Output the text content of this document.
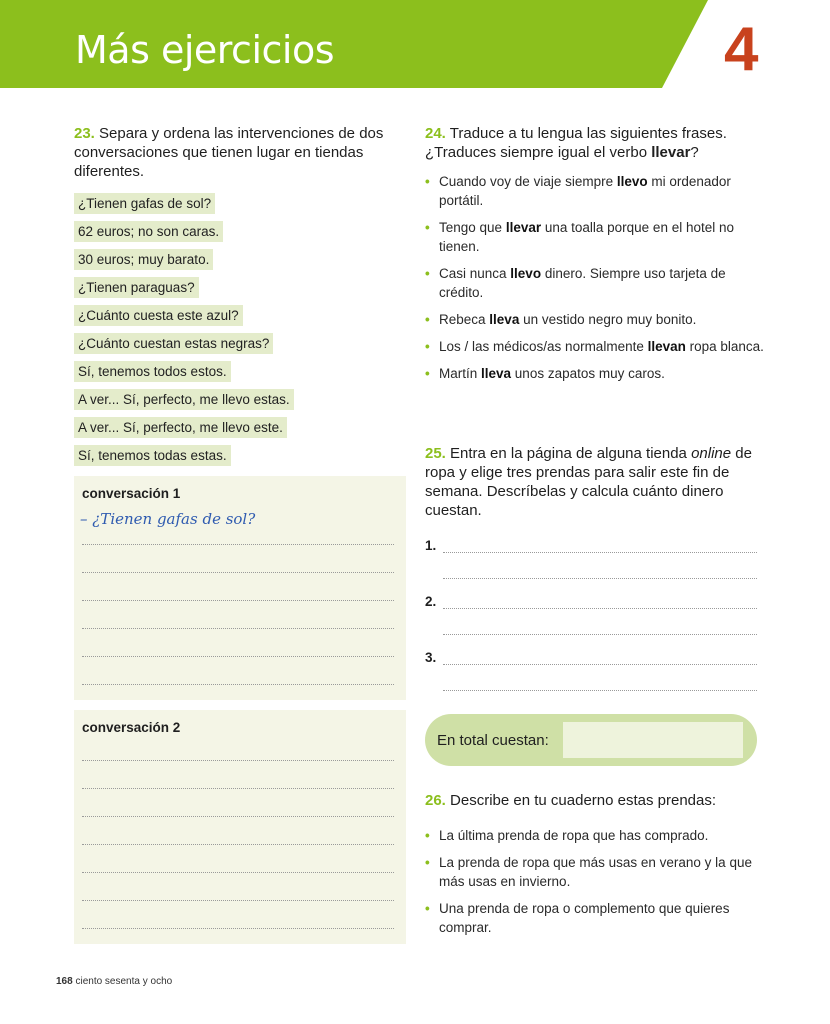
Más ejercicios	4
23. Separa y ordena las intervenciones de dos conversaciones que tienen lugar en tiendas diferentes.
¿Tienen gafas de sol?
62 euros; no son caras.
30 euros; muy barato.
¿Tienen paraguas?
¿Cuánto cuesta este azul?
¿Cuánto cuestan estas negras?
Sí, tenemos todos estos.
A ver... Sí, perfecto, me llevo estas.
A ver... Sí, perfecto, me llevo este.
Sí, tenemos todas estas.
conversación 1
– ¿Tienen gafas de sol?
conversación 2
24. Traduce a tu lengua las siguientes frases. ¿Traduces siempre igual el verbo llevar?
• Cuando voy de viaje siempre llevo mi ordenador portátil.
• Tengo que llevar una toalla porque en el hotel no tienen.
• Casi nunca llevo dinero. Siempre uso tarjeta de crédito.
• Rebeca lleva un vestido negro muy bonito.
• Los / las médicos/as normalmente llevan ropa blanca.
• Martín lleva unos zapatos muy caros.
25. Entra en la página de alguna tienda online de ropa y elige tres prendas para salir este fin de semana. Descríbelas y calcula cuánto dinero cuestan.
1.
2.
3.
En total cuestan:
26. Describe en tu cuaderno estas prendas:
• La última prenda de ropa que has comprado.
• La prenda de ropa que más usas en verano y la que más usas en invierno.
• Una prenda de ropa o complemento que quieres comprar.
168 ciento sesenta y ocho
